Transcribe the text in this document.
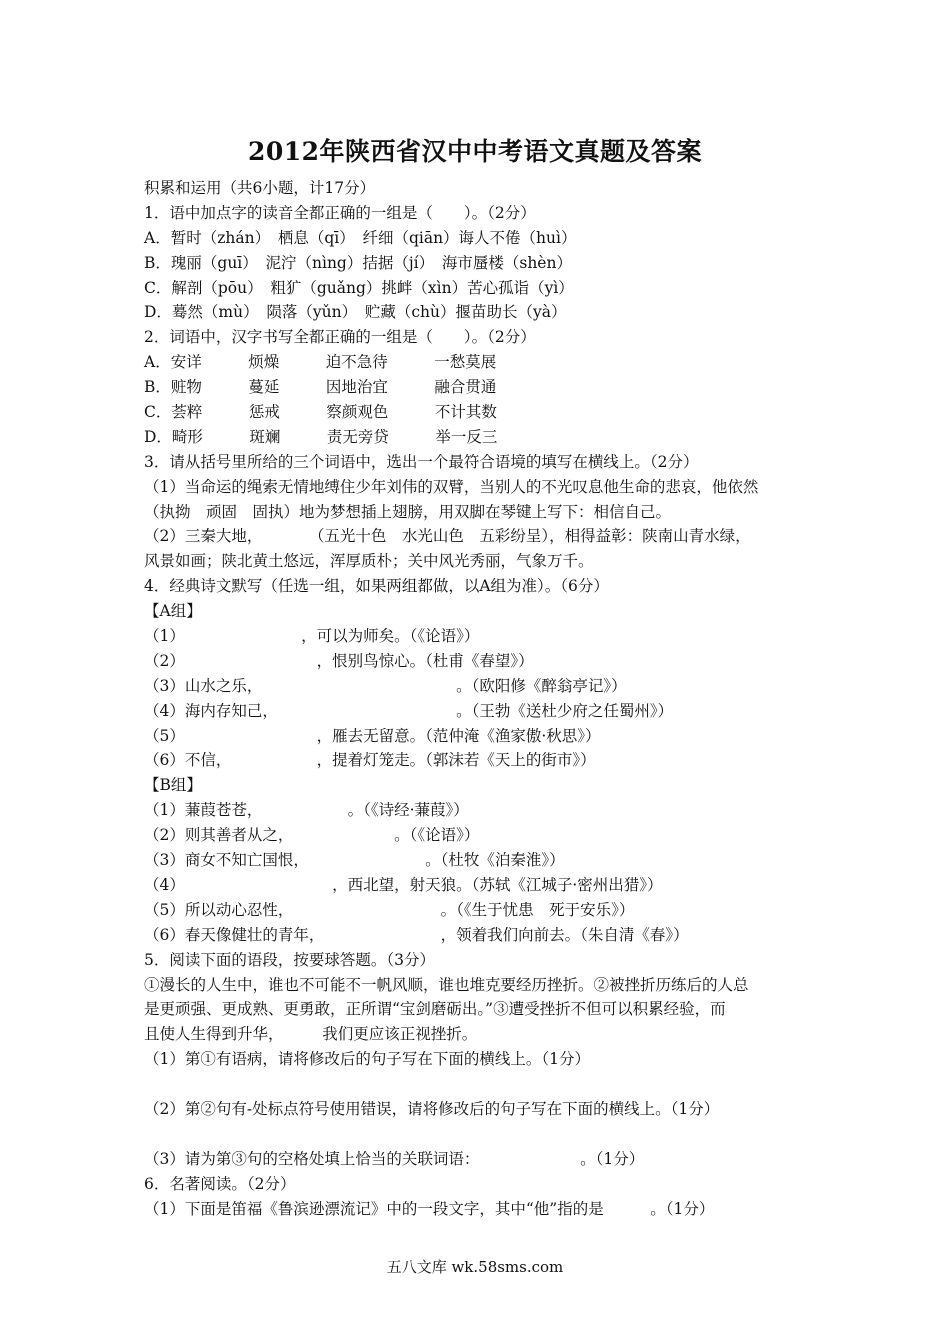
2012年陕西省汉中中考语文真题及答案
积累和运用（共6小题，计17分）
1．语中加点字的读音全都正确的一组是（　　）。（2分）
A．暂时（zhán）　栖息（qī）　纤细（qiān）诲人不倦（huì）
B．瑰丽（guī）　泥泞（nìng）拮据（jí）　海市蜃楼（shèn）
C．解剖（pōu）　粗犷（guǎng）挑衅（xìn）苦心孤诣（yì）
D．蓦然（mù）　陨落（yǔn）　贮藏（chù）揠苗助长（yà）
2．词语中，汉字书写全都正确的一组是（　　）。（2分）
A．安详　　　烦燥　　　迫不急待　　　一愁莫展
B．赃物　　　蔓延　　　因地治宜　　　融合贯通
C．荟粹　　　惩戒　　　察颜观色　　　不计其数
D．畸形　　　斑斓　　　责无旁贷　　　举一反三
3．请从括号里所给的三个词语中，选出一个最符合语境的填写在横线上。（2分）
（1）当命运的绳索无情地缚住少年刘伟的双臂，当别人的不光叹息他生命的悲哀，他依然
（执拗　顽固　固执）地为梦想插上翅膀，用双脚在琴键上写下：相信自己。
（2）三秦大地，　　　　（五光十色　水光山色　五彩纷呈），相得益彰：陕南山青水绿，
风景如画；陕北黄土悠远，浑厚质朴；关中风光秀丽，气象万千。
4．经典诗文默写（任选一组，如果两组都做，以A组为准）。（6分）
【A组】
（1）　　　　　　　　，可以为师矣。（《论语》）
（2）　　　　　　　　　，恨别鸟惊心。（杜甫《春望》）
（3）山水之乐，　　　　　　　　　　　　　。（欧阳修《醉翁亭记》）
（4）海内存知己，　　　　　　　　　　　　。（王勃《送杜少府之任蜀州》）
（5）　　　　　　　　　，雁去无留意。（范仲淹《渔家傲·秋思》）
（6）不信，　　　　　　，提着灯笼走。（郭沫若《天上的街市》）
【B组】
（1）蒹葭苍苍，　　　　　　。（《诗经·蒹葭》）
（2）则其善者从之，　　　　　　　。（《论语》）
（3）商女不知亡国恨，　　　　　　　　。（杜牧《泊秦淮》）
（4）　　　　　　　　　　，西北望，射天狼。（苏轼《江城子·密州出猎》）
（5）所以动心忍性，　　　　　　　　　　。（《生于忧患　死于安乐》）
（6）春天像健壮的青年，　　　　　　　　，领着我们向前去。（朱自清《春》）
5．阅读下面的语段，按要球答题。（3分）
①漫长的人生中，谁也不可能不一帆风顺，谁也堆克要经历挫折。②被挫折历练后的人总
是更顽强、更成熟、更勇敢，正所谓“宝剑磨砺出。”③遭受挫折不但可以积累经验，而
且使人生得到升华，　　　我们更应该正视挫折。
（1）第①有语病，请将修改后的句子写在下面的横线上。（1分）
（2）第②句有-处标点符号使用错误，请将修改后的句子写在下面的横线上。（1分）
（3）请为第③句的空格处填上恰当的关联词语：　　　　　　　。（1分）
6．名著阅读。（2分）
（1）下面是笛福《鲁滨逊漂流记》中的一段文字，其中“他”指的是　　　。（1分）
五八文库 wk.58sms.com
